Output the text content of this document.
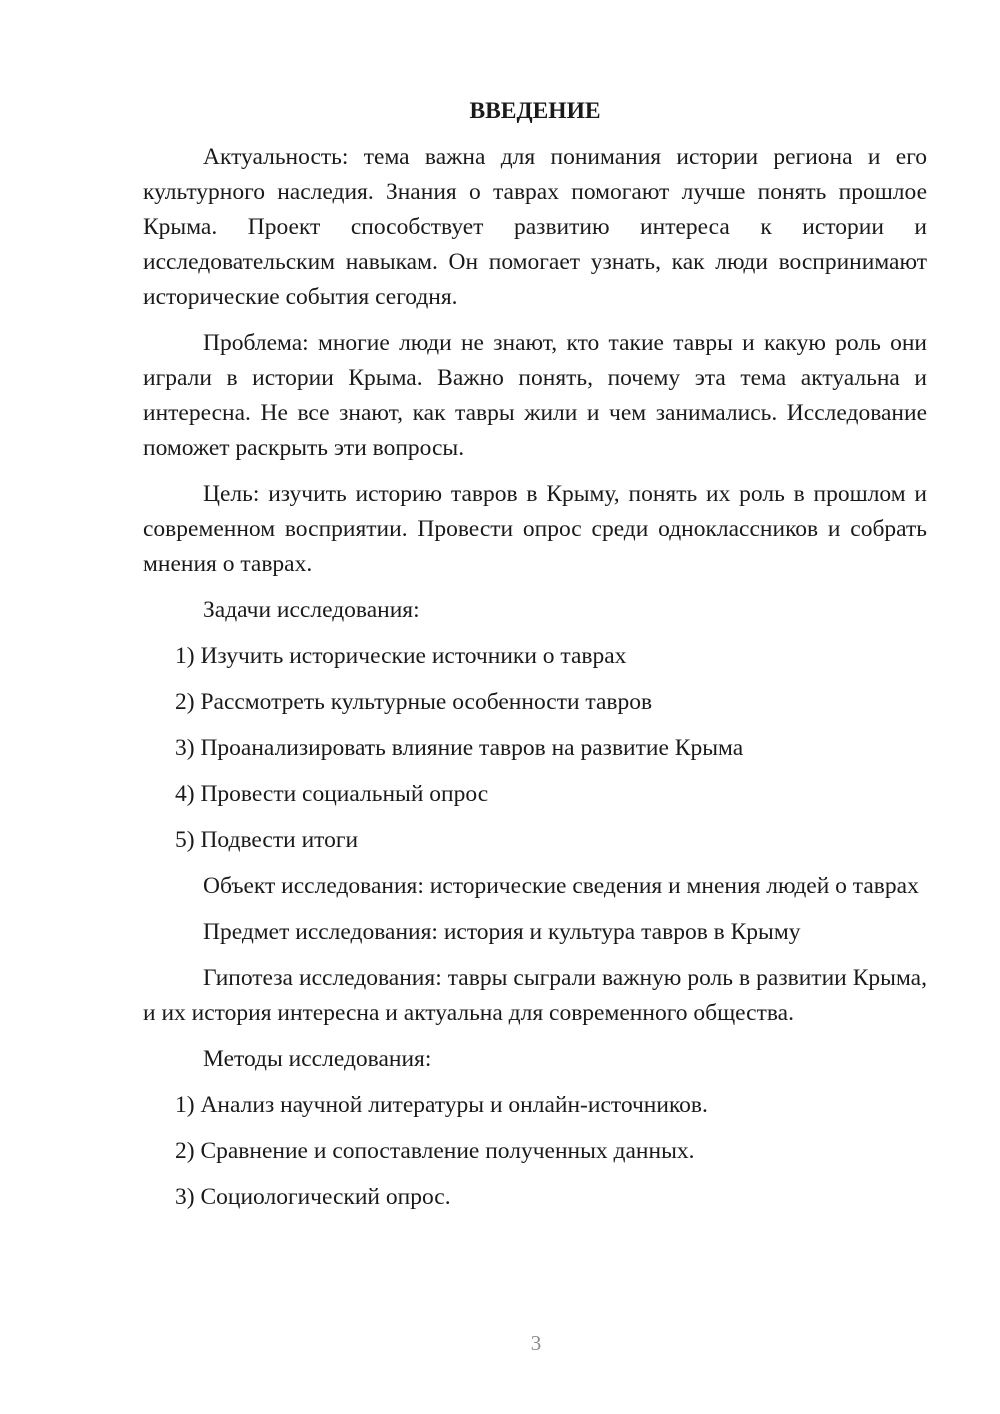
ВВЕДЕНИЕ

Актуальность: тема важна для понимания истории региона и его культурного наследия. Знания о таврах помогают лучше понять прошлое Крыма. Проект способствует развитию интереса к истории и исследовательским навыкам. Он помогает узнать, как люди воспринимают исторические события сегодня.

Проблема: многие люди не знают, кто такие тавры и какую роль они играли в истории Крыма. Важно понять, почему эта тема актуальна и интересна. Не все знают, как тавры жили и чем занимались. Исследование поможет раскрыть эти вопросы.

Цель: изучить историю тавров в Крыму, понять их роль в прошлом и современном восприятии. Провести опрос среди одноклассников и собрать мнения о таврах.

Задачи исследования:

1) Изучить исторические источники о таврах
2) Рассмотреть культурные особенности тавров
3) Проанализировать влияние тавров на развитие Крыма
4) Провести социальный опрос
5) Подвести итоги

Объект исследования: исторические сведения и мнения людей о таврах

Предмет исследования: история и культура тавров в Крыму

Гипотеза исследования: тавры сыграли важную роль в развитии Крыма, и их история интересна и актуальна для современного общества.

Методы исследования:

1) Анализ научной литературы и онлайн-источников.
2) Сравнение и сопоставление полученных данных.
3) Социологический опрос.
3
